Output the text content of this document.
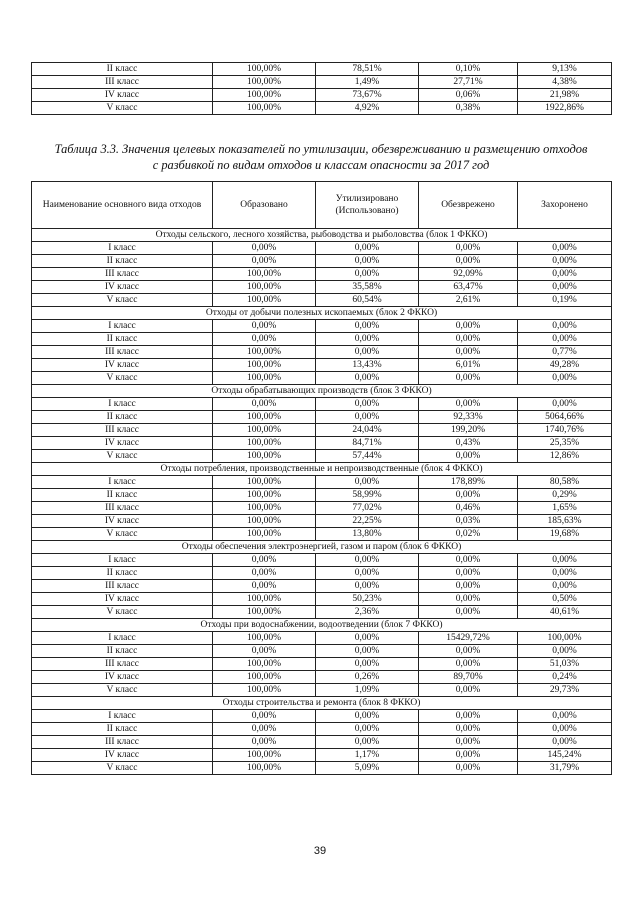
II класс	100,00%	78,51%	0,10%	9,13%
III класс	100,00%	1,49%	27,71%	4,38%
IV класс	100,00%	73,67%	0,06%	21,98%
V класс	100,00%	4,92%	0,38%	1922,86%
Таблица 3.3. Значения целевых показателей по утилизации, обезвреживанию и размещению отходов
с разбивкой по видам отходов и классам опасности за 2017 год
Наименование основного вида отходов	Образовано	Утилизировано (Использовано)	Обезврежено	Захоронено
Отходы сельского, лесного хозяйства, рыбоводства и рыболовства (блок 1 ФККО)				
I класс	0,00%	0,00%	0,00%	0,00%
II класс	0,00%	0,00%	0,00%	0,00%
III класс	100,00%	0,00%	92,09%	0,00%
IV класс	100,00%	35,58%	63,47%	0,00%
V класс	100,00%	60,54%	2,61%	0,19%
Отходы от добычи полезных ископаемых (блок 2 ФККО)				
I класс	0,00%	0,00%	0,00%	0,00%
II класс	0,00%	0,00%	0,00%	0,00%
III класс	100,00%	0,00%	0,00%	0,77%
IV класс	100,00%	13,43%	6,01%	49,28%
V класс	100,00%	0,00%	0,00%	0,00%
Отходы обрабатывающих производств (блок 3 ФККО)				
I класс	0,00%	0,00%	0,00%	0,00%
II класс	100,00%	0,00%	92,33%	5064,66%
III класс	100,00%	24,04%	199,20%	1740,76%
IV класс	100,00%	84,71%	0,43%	25,35%
V класс	100,00%	57,44%	0,00%	12,86%
Отходы потребления, производственные и непроизводственные (блок 4 ФККО)				
I класс	100,00%	0,00%	178,89%	80,58%
II класс	100,00%	58,99%	0,00%	0,29%
III класс	100,00%	77,02%	0,46%	1,65%
IV класс	100,00%	22,25%	0,03%	185,63%
V класс	100,00%	13,80%	0,02%	19,68%
Отходы обеспечения электроэнергией, газом и паром (блок 6 ФККО)				
I класс	0,00%	0,00%	0,00%	0,00%
II класс	0,00%	0,00%	0,00%	0,00%
III класс	0,00%	0,00%	0,00%	0,00%
IV класс	100,00%	50,23%	0,00%	0,50%
V класс	100,00%	2,36%	0,00%	40,61%
Отходы при водоснабжении, водоотведении (блок 7 ФККО)				
I класс	100,00%	0,00%	15429,72%	100,00%
II класс	0,00%	0,00%	0,00%	0,00%
III класс	100,00%	0,00%	0,00%	51,03%
IV класс	100,00%	0,26%	89,70%	0,24%
V класс	100,00%	1,09%	0,00%	29,73%
Отходы строительства и ремонта (блок 8 ФККО)				
I класс	0,00%	0,00%	0,00%	0,00%
II класс	0,00%	0,00%	0,00%	0,00%
III класс	0,00%	0,00%	0,00%	0,00%
IV класс	100,00%	1,17%	0,00%	145,24%
V класс	100,00%	5,09%	0,00%	31,79%
39
